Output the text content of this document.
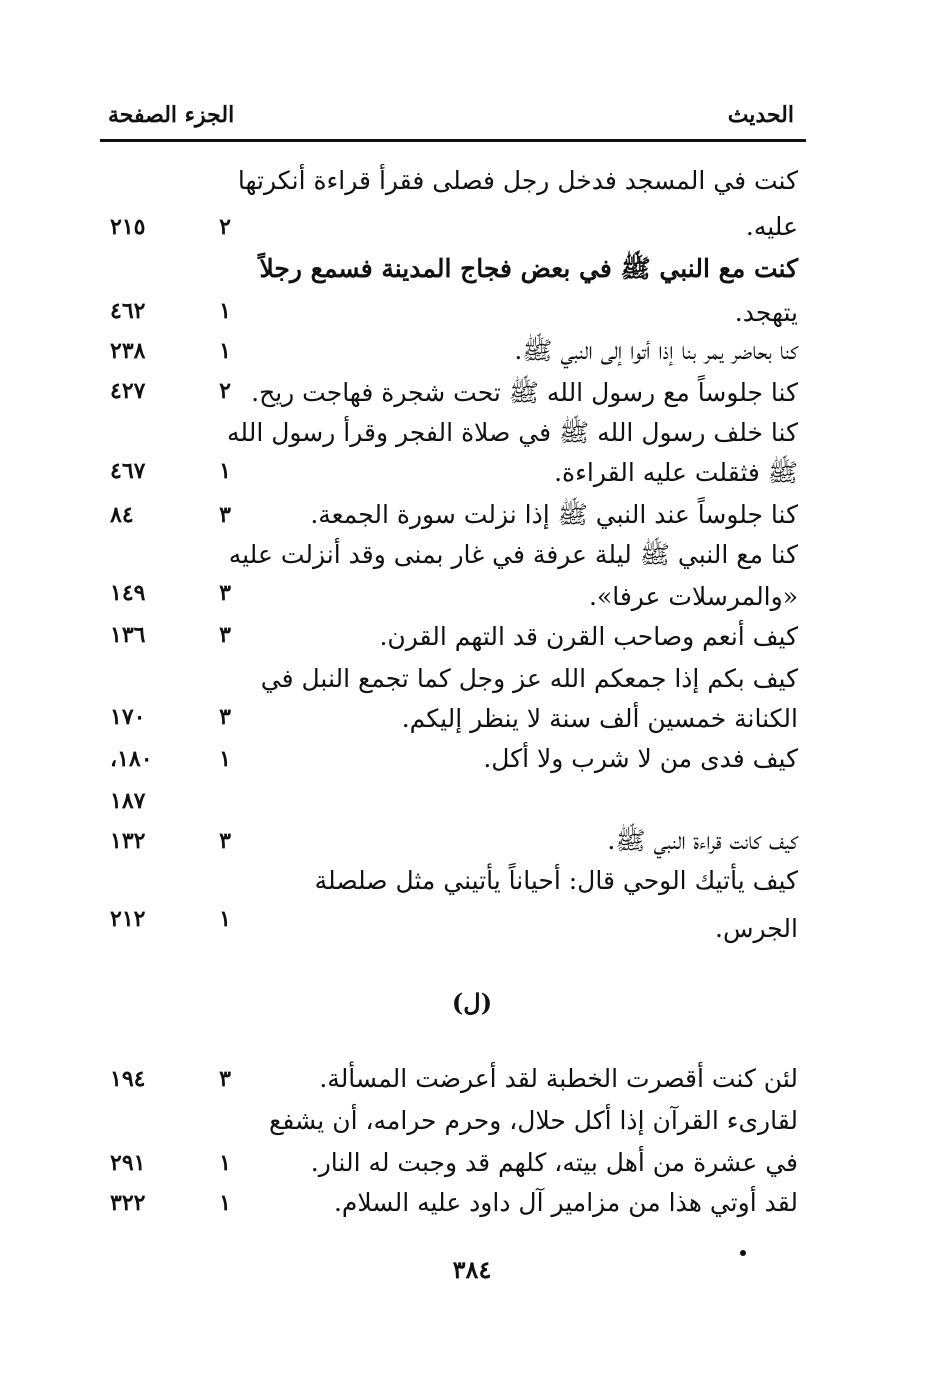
الحديث
الجزء الصفحة
كنت في المسجد فدخل رجل فصلى فقرأ قراءة أنكرتها
عليه.
كنت مع النبي ﷺ في بعض فجاج المدينة فسمع رجلاً
يتهجد.
كنا بحاضر يمر بنا إذا أتوا إلى النبي ﷺ.
كنا جلوساً مع رسول الله ﷺ تحت شجرة فهاجت ريح.
كنا خلف رسول الله ﷺ في صلاة الفجر وقرأ رسول الله
ﷺ فثقلت عليه القراءة.
كنا جلوساً عند النبي ﷺ إذا نزلت سورة الجمعة.
كنا مع النبي ﷺ ليلة عرفة في غار بمنى وقد أنزلت عليه
«والمرسلات عرفا».
كيف أنعم وصاحب القرن قد التهم القرن.
كيف بكم إذا جمعكم الله عز وجل كما تجمع النبل في
الكنانة خمسين ألف سنة لا ينظر إليكم.
كيف فدى من لا شرب ولا أكل.
كيف كانت قراءة النبي ﷺ.
كيف يأتيك الوحي قال: أحياناً يأتيني مثل صلصلة
الجرس.
لئن كنت أقصرت الخطبة لقد أعرضت المسألة.
لقارىء القرآن إذا أكل حلال، وحرم حرامه، أن يشفع
في عشرة من أهل بيته، كلهم قد وجبت له النار.
لقد أوتي هذا من مزامير آل داود عليه السلام.
٢
٢١٥
١
٤٦٢
١
٢٣٨
٢
٤٢٧
١
٤٦٧
٣
٨٤
٣
١٤٩
٣
١٣٦
٣
١٧٠
١
١٨٠،
١٨٧
٣
١٣٢
١
٢١٢
٣
١٩٤
١
٢٩١
١
٣٢٢
(ل)
٣٨٤
